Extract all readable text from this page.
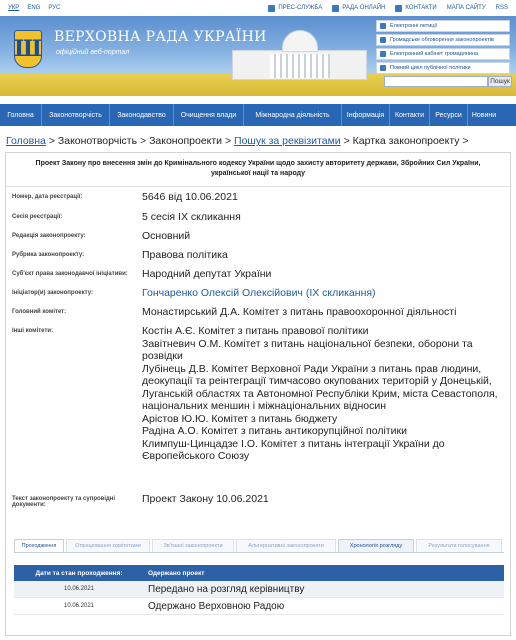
УКР ENG РУС	ПРЕС-СЛУЖБА	РАДА ОНЛАЙН	КОНТАКТИ МАПА САЙТУ RSS
Ш ВЕРХОВНА РАДА УКРАЇНИ
офіційний веб-портал
Електронні петиції
Громадське обговорення законопроектів
Електронний кабінет громадянина
Повний цикл публічної політики
Пошук
Головна	Законотворчість	Законодавство	Очищення влади	Міжнародна діяльність	Інформація	Контакти	Ресурси	Новини
Головна > Законотворчість > Законопроекти > Пошук за реквізитами > Картка законопроекту >
Проект Закону про внесення змін до Кримінального кодексу України щодо захисту авторитету держави, Збройних Сил України, української нації та народу
Номер, дата реєстрації:	5646 від 10.06.2021
Сесія реєстрації:	5 сесія IX скликання
Редакція законопроекту:	Основний
Рубрика законопроекту:	Правова політика
Суб'єкт права законодавчої ініціативи:	Народний депутат України
Ініціатор(и) законопроекту:	Гончаренко Олексій Олексійович (IX скликання)
Головний комітет:	Монастирський Д.А. Комітет з питань правоохоронної діяльності
Інші комітети:	Костін А.Є. Комітет з питань правової політики
Завітневич О.М. Комітет з питань національної безпеки, оборони та розвідки
Лубінець Д.В. Комітет Верховної Ради України з питань прав людини, деокупації та реінтеграції тимчасово окупованих територій у Донецькій, Луганській областях та Автономної Республіки Крим, міста Севастополя, національних меншин і міжнаціональних відносин
Арістов Ю.Ю. Комітет з питань бюджету
Радіна А.О. Комітет з питань антикорупційної політики
Климпуш-Цинцадзе І.О. Комітет з питань інтеграції України до Європейського Союзу
Текст законопроекту та супровідні документи:	Проект Закону 10.06.2021
Проходження	Опрацювання комітетами	Зв'язані законопроекти	Альтернативні законопроекти	Хронологія розгляду	Результати голосування
Дати та стан проходження:	Одержано проект
10.06.2021	Передано на розгляд керівництву
10.06.2021	Одержано Верховною Радою
